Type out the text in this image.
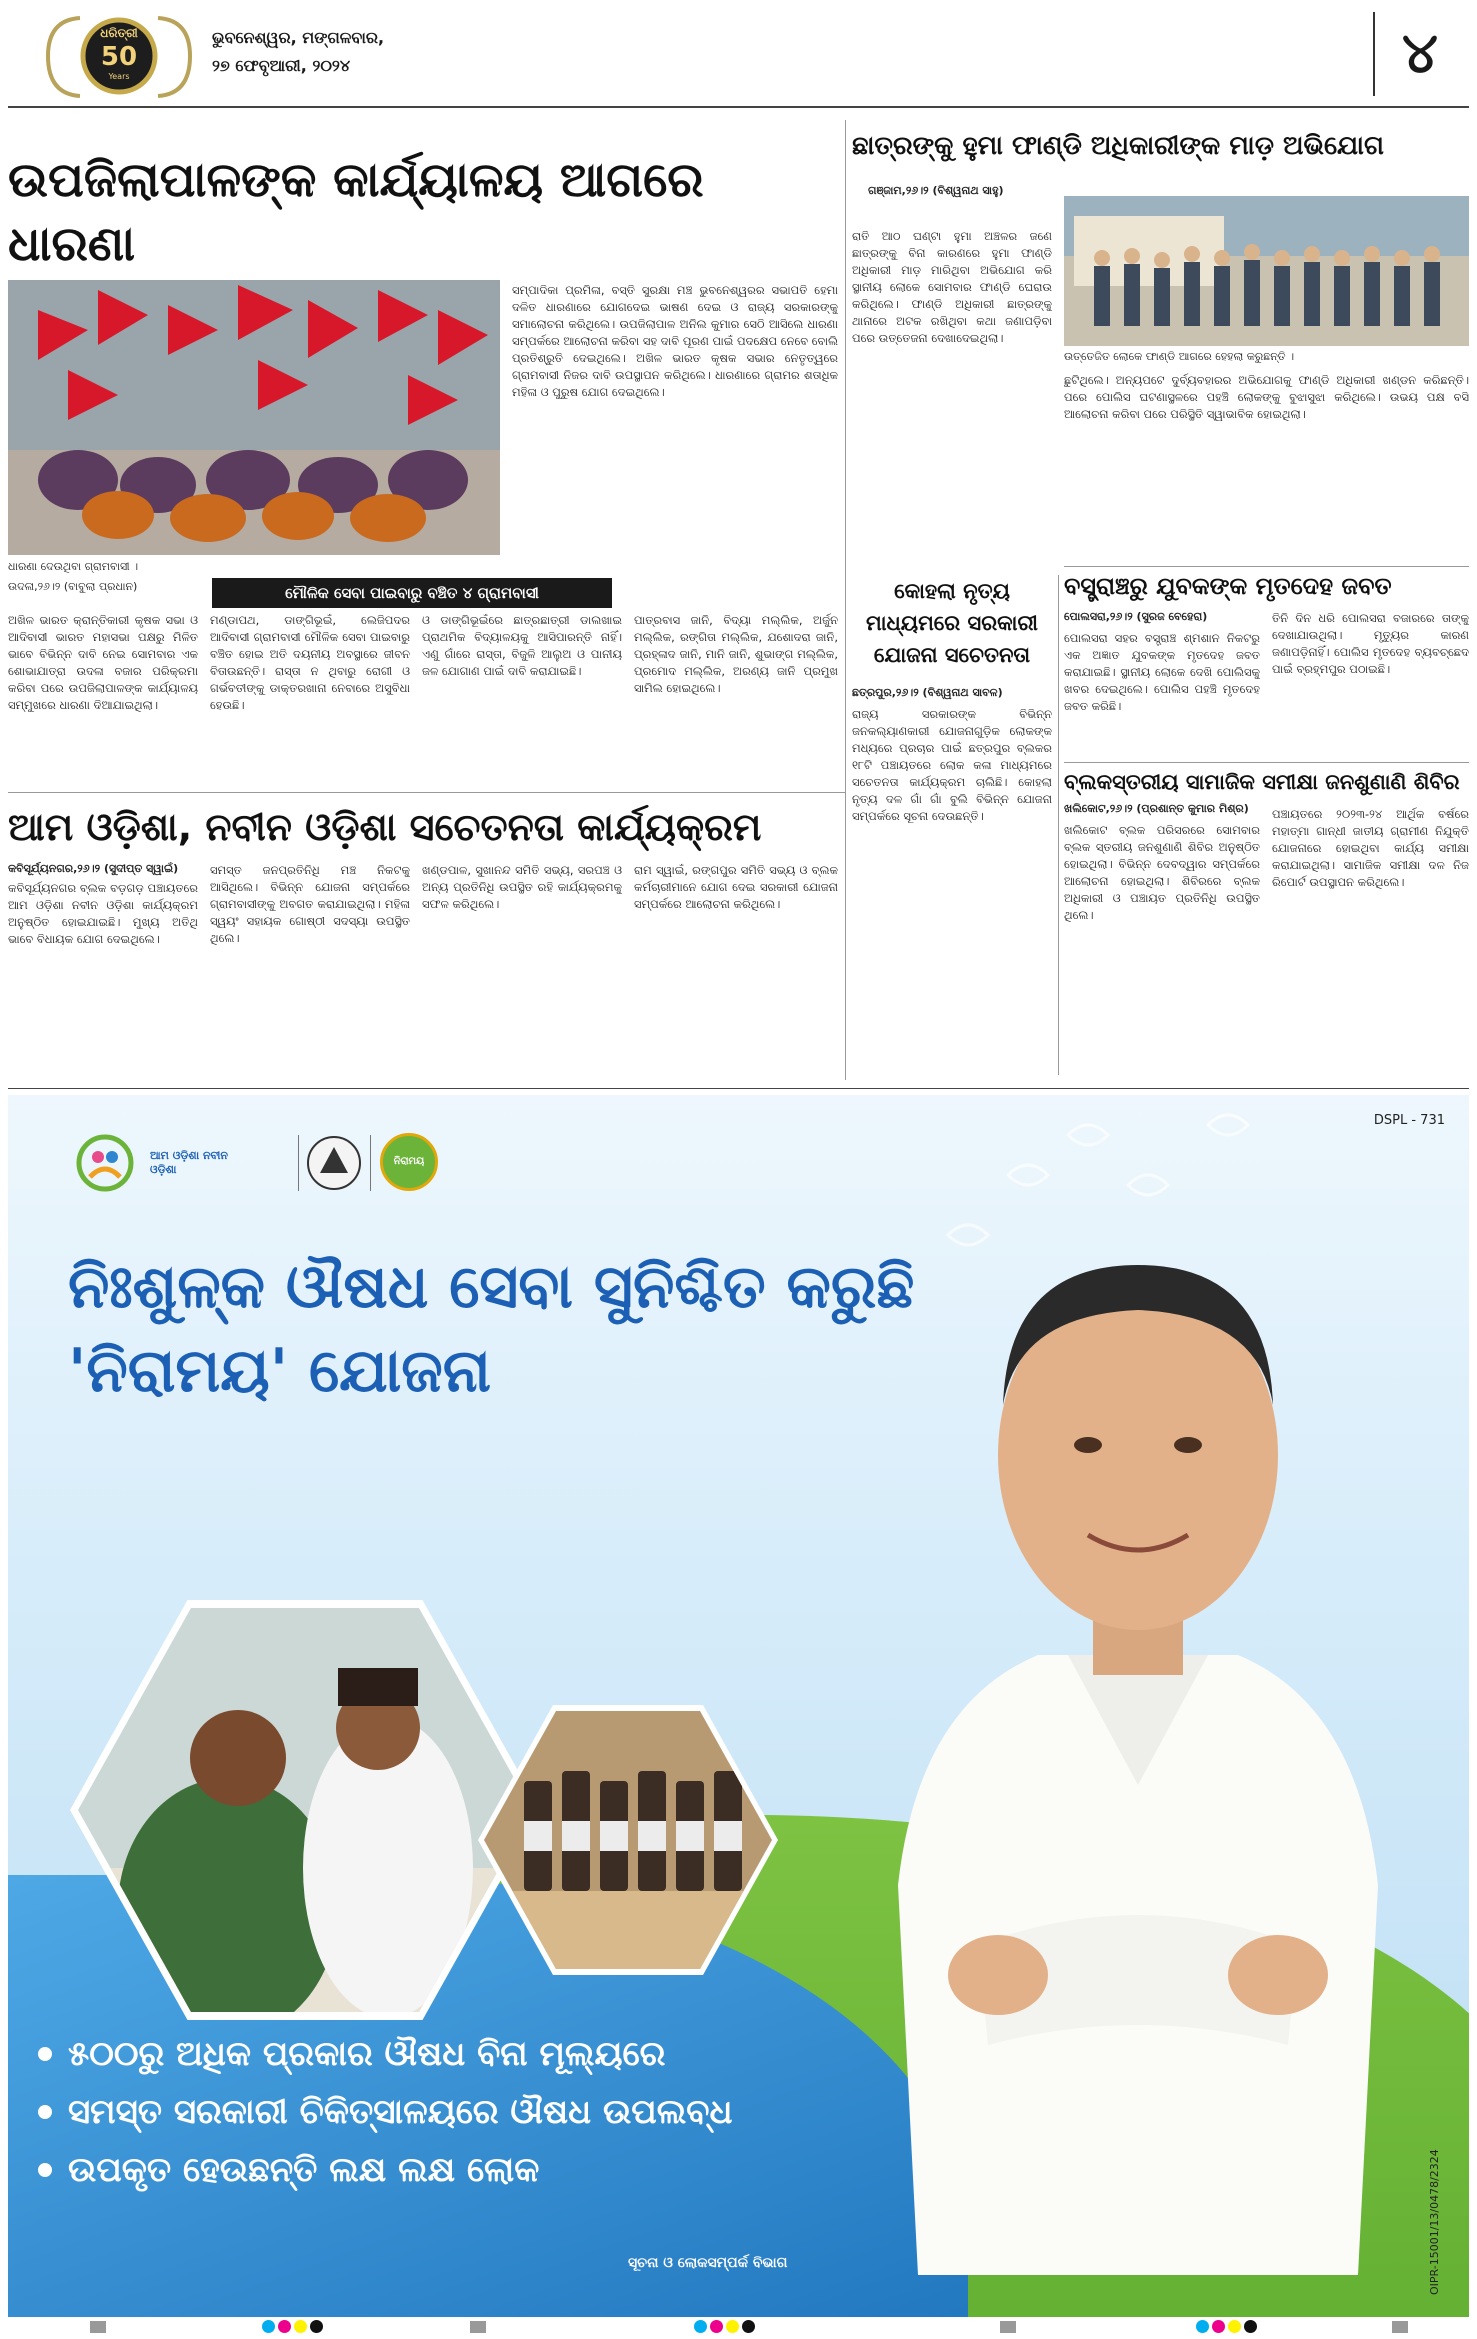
ଧରିତ୍ରୀ
50
Years
ଭୁବନେଶ୍ୱର, ମଙ୍ଗଳବାର,
୨୭ ଫେବୃଆରୀ, ୨୦୨୪	୪
ଉପଜିଲାପାଳଙ୍କ କାର୍ଯ୍ୟାଳୟ ଆଗରେ ଧାରଣା
ଧାରଣା ଦେଉଥିବା ଗ୍ରାମବାସୀ ।
ଉଦଳା,୨୬।୨ (ବାବୁଲା ପ୍ରଧାନ)	ମୌଳିକ ସେବା ପାଇବାରୁ ବଞ୍ଚିତ ୪ ଗ୍ରାମବାସୀ
ସମ୍ପାଦିକା ପ୍ରମିଳା, ବସ୍ତି ସୁରକ୍ଷା ମଞ୍ଚ ଭୁବନେଶ୍ୱରର ସଭାପତି ହେମା ଦଳିତ ଧାରଣାରେ ଯୋଗଦେଇ ଭାଷଣ ଦେଇ ଓ ରାଜ୍ୟ ସରକାରଙ୍କୁ ସମାଲୋଚନା କରିଥିଲେ। ଉପଜିଲାପାଳ ଅନିଲ କୁମାର ସେଠି ଆସିଲେ ଧାରଣା ସମ୍ପର୍କରେ ଆଲୋଚନା କରିବା ସହ ଦାବି ପୂରଣ ପାଇଁ ପଦକ୍ଷେପ ନେବେ ବୋଲି ପ୍ରତିଶ୍ରୁତି ଦେଇଥିଲେ। ଅଖିଳ ଭାରତ କୃଷକ ସଭାର ନେତୃତ୍ୱରେ ଗ୍ରାମବାସୀ ନିଜର ଦାବି ଉପସ୍ଥାପନ କରିଥିଲେ। ଧାରଣାରେ ଗ୍ରାମର ଶତାଧିକ ମହିଳା ଓ ପୁରୁଷ ଯୋଗ ଦେଇଥିଲେ।
ଅଖିଳ ଭାରତ କ୍ରାନ୍ତିକାରୀ କୃଷକ ସଭା ଓ ଆଦିବାସୀ ଭାରତ ମହାସଭା ପକ୍ଷରୁ ମିଳିତ ଭାବେ ବିଭିନ୍ନ ଦାବି ନେଇ ସୋମବାର ଏକ ଶୋଭାଯାତ୍ରା ଉଦଳା ବଜାର ପରିକ୍ରମା କରିବା ପରେ ଉପଜିଲାପାଳଙ୍କ କାର୍ଯ୍ୟାଳୟ ସମ୍ମୁଖରେ ଧାରଣା ଦିଆଯାଇଥିଲା।
ମଣ୍ଡାପଥ, ଡାଙ୍ଗିଭୂଇଁ, ଲେଜିପଦର ଆଦିବାସୀ ଗ୍ରାମବାସୀ ମୌଳିକ ସେବା ପାଇବାରୁ ବଞ୍ଚିତ ହୋଇ ଅତି ଦୟନୀୟ ଅବସ୍ଥାରେ ଜୀବନ ବିତାଉଛନ୍ତି। ରାସ୍ତା ନ ଥିବାରୁ ରୋଗୀ ଓ ଗର୍ଭବତୀଙ୍କୁ ଡାକ୍ତରଖାନା ନେବାରେ ଅସୁବିଧା ହେଉଛି।
ଓ ଡାଙ୍ଗିଭୂଇଁରେ ଛାତ୍ରଛାତ୍ରୀ ଡାଲଖାଇ ପ୍ରାଥମିକ ବିଦ୍ୟାଳୟକୁ ଆସିପାରନ୍ତି ନାହିଁ। ଏଣୁ ଗାଁରେ ରାସ୍ତା, ବିଜୁଳି ଆଲୁଅ ଓ ପାନୀୟ ଜଳ ଯୋଗାଣ ପାଇଁ ଦାବି କରାଯାଇଛି।
ପାତ୍ରବାସ ଜାନି, ବିଦ୍ୟା ମଲ୍ଲିକ, ଅର୍ଜୁନ ମଲ୍ଲିକ, ରଙ୍ଗିତା ମଲ୍ଲିକ, ଯଶୋଦରା ଜାନି, ପ୍ରହ୍ଳାଦ ଜାନି, ମାନି ଜାନି, ଶୁଭାଙ୍ଗ ମଲ୍ଲିକ, ପ୍ରମୋଦ ମଲ୍ଲିକ, ଅରଣ୍ୟ ଜାନି ପ୍ରମୁଖ ସାମିଲ ହୋଇଥିଲେ।
ଛାତ୍ରଙ୍କୁ ହୁମା ଫାଣ୍ଡି ଅଧିକାରୀଙ୍କ ମାଡ଼ ଅଭିଯୋଗ
ଗଞ୍ଜାମ,୨୬।୨ (ବିଶ୍ୱନାଥ ସାହୁ)
ରାତି ଆଠ ଘଣ୍ଟା ହୁମା ଅଞ୍ଚଳର ଜଣେ ଛାତ୍ରଙ୍କୁ ବିନା କାରଣରେ ହୁମା ଫାଣ୍ଡି ଅଧିକାରୀ ମାଡ଼ ମାରିଥିବା ଅଭିଯୋଗ କରି ସ୍ଥାନୀୟ ଲୋକେ ସୋମବାର ଫାଣ୍ଡି ଘେରାଉ କରିଥିଲେ। ଫାଣ୍ଡି ଅଧିକାରୀ ଛାତ୍ରଙ୍କୁ ଥାନାରେ ଅଟକ ରଖିଥିବା କଥା ଜଣାପଡ଼ିବା ପରେ ଉତ୍ତେଜନା ଦେଖାଦେଇଥିଲା।
ଉତ୍ତେଜିତ ଲୋକେ ଫାଣ୍ଡି ଆଗରେ ହେହଲା କରୁଛନ୍ତି ।
ଛୁଟିଥିଲେ। ଅନ୍ୟପଟେ ଦୁର୍ବ୍ୟବହାରର ଅଭିଯୋଗକୁ ଫାଣ୍ଡି ଅଧିକାରୀ ଖଣ୍ଡନ କରିଛନ୍ତି। ପରେ ପୋଲିସ ଘଟଣାସ୍ଥଳରେ ପହଞ୍ଚି ଲୋକଙ୍କୁ ବୁଝାସୁଝା କରିଥିଲେ। ଉଭୟ ପକ୍ଷ ବସି ଆଲୋଚନା କରିବା ପରେ ପରିସ୍ଥିତି ସ୍ୱାଭାବିକ ହୋଇଥିଲା।
କୋହଲା ନୃତ୍ୟ ମାଧ୍ୟମରେ ସରକାରୀ ଯୋଜନା ସଚେତନତା
ଛତ୍ରପୁର,୨୬।୨ (ବିଶ୍ୱନାଥ ସାବଳ)
ରାଜ୍ୟ ସରକାରଙ୍କ ବିଭିନ୍ନ ଜନକଲ୍ୟାଣକାରୀ ଯୋଜନାଗୁଡ଼ିକ ଲୋକଙ୍କ ମଧ୍ୟରେ ପ୍ରଚାର ପାଇଁ ଛତ୍ରପୁର ବ୍ଲକର ୧୮ଟି ପଞ୍ଚାୟତରେ ଲୋକ କଳା ମାଧ୍ୟମରେ ସଚେତନତା କାର୍ଯ୍ୟକ୍ରମ ଚାଲିଛି। କୋହଲା ନୃତ୍ୟ ଦଳ ଗାଁ ଗାଁ ବୁଲି ବିଭିନ୍ନ ଯୋଜନା ସମ୍ପର୍କରେ ସୂଚନା ଦେଉଛନ୍ତି।
ବସ୍ତ୍ରାଞ୍ଚରୁ ଯୁବକଙ୍କ ମୃତଦେହ ଜବତ
ପୋଲସରା,୨୬।୨ (ସୁରଜ ବେହେରା)
ପୋଲସରା ସହର ବସ୍ତ୍ରାଞ୍ଚ ଶ୍ମଶାନ ନିକଟରୁ ଏକ ଅଜ୍ଞାତ ଯୁବକଙ୍କ ମୃତଦେହ ଜବତ କରାଯାଇଛି। ସ୍ଥାନୀୟ ଲୋକେ ଦେଖି ପୋଲିସକୁ ଖବର ଦେଇଥିଲେ। ପୋଲିସ ପହଞ୍ଚି ମୃତଦେହ ଜବତ କରିଛି।
ତିନି ଦିନ ଧରି ପୋଲସରା ବଜାରରେ ତାଙ୍କୁ ଦେଖାଯାଉଥିଲା। ମୃତ୍ୟୁର କାରଣ ଜଣାପଡ଼ିନାହିଁ। ପୋଲିସ ମୃତଦେହ ବ୍ୟବଚ୍ଛେଦ ପାଇଁ ବ୍ରହ୍ମପୁର ପଠାଇଛି।
ବ୍ଲକସ୍ତରୀୟ ସାମାଜିକ ସମୀକ୍ଷା ଜନଶୁଣାଣି ଶିବିର
ଖଲିକୋଟ,୨୬।୨ (ପ୍ରଶାନ୍ତ କୁମାର ମିଶ୍ର)
ଖଲିକୋଟ ବ୍ଲକ ପରିସରରେ ସୋମବାର ବ୍ଲକ ସ୍ତରୀୟ ଜନଶୁଣାଣି ଶିବିର ଅନୁଷ୍ଠିତ ହୋଇଥିଲା। ବିଭିନ୍ନ ଦେବଦ୍ୱାର ସମ୍ପର୍କରେ ଆଲୋଚନା ହୋଇଥିଲା। ଶିବିରରେ ବ୍ଲକ ଅଧିକାରୀ ଓ ପଞ୍ଚାୟତ ପ୍ରତିନିଧି ଉପସ୍ଥିତ ଥିଲେ।
ପଞ୍ଚାୟତରେ ୨୦୨୩-୨୪ ଆର୍ଥିକ ବର୍ଷରେ ମହାତ୍ମା ଗାନ୍ଧୀ ଜାତୀୟ ଗ୍ରାମୀଣ ନିଯୁକ୍ତି ଯୋଜନାରେ ହୋଇଥିବା କାର୍ଯ୍ୟ ସମୀକ୍ଷା କରାଯାଇଥିଲା। ସାମାଜିକ ସମୀକ୍ଷା ଦଳ ନିଜ ରିପୋର୍ଟ ଉପସ୍ଥାପନ କରିଥିଲେ।
ଆମ ଓଡ଼ିଶା, ନବୀନ ଓଡ଼ିଶା ସଚେତନତା କାର୍ଯ୍ୟକ୍ରମ
କବିସୂର୍ଯ୍ୟନଗର,୨୬।୨ (ସୁଦୀପ୍ତ ସ୍ୱାଇଁ)
କବିସୂର୍ଯ୍ୟନଗର ବ୍ଲକ ବଡ଼ଗଡ଼ ପଞ୍ଚାୟତରେ ଆମ ଓଡ଼ିଶା ନବୀନ ଓଡ଼ିଶା କାର୍ଯ୍ୟକ୍ରମ ଅନୁଷ୍ଠିତ ହୋଇଯାଇଛି। ମୁଖ୍ୟ ଅତିଥି ଭାବେ ବିଧାୟକ ଯୋଗ ଦେଇଥିଲେ।
ସମସ୍ତ ଜନପ୍ରତିନିଧି ମଞ୍ଚ ନିକଟକୁ ଆସିଥିଲେ। ବିଭିନ୍ନ ଯୋଜନା ସମ୍ପର୍କରେ ଗ୍ରାମବାସୀଙ୍କୁ ଅବଗତ କରାଯାଇଥିଲା। ମହିଳା ସ୍ୱୟଂ ସହାୟକ ଗୋଷ୍ଠୀ ସଦସ୍ୟା ଉପସ୍ଥିତ ଥିଲେ।
ଖଣ୍ଡପାଳ, ସୁଖାନନ୍ଦ ସମିତି ସଭ୍ୟ, ସରପଞ୍ଚ ଓ ଅନ୍ୟ ପ୍ରତିନିଧି ଉପସ୍ଥିତ ରହି କାର୍ଯ୍ୟକ୍ରମକୁ ସଫଳ କରିଥିଲେ।
ରାମ ସ୍ୱାଇଁ, ରଙ୍ଗପୁର ସମିତି ସଭ୍ୟ ଓ ବ୍ଲକ କର୍ମଚାରୀମାନେ ଯୋଗ ଦେଇ ସରକାରୀ ଯୋଜନା ସମ୍ପର୍କରେ ଆଲୋଚନା କରିଥିଲେ।
ଆମ ଓଡ଼ିଶା ନବୀନ ଓଡ଼ିଶା
ନିରାମୟ
DSPL - 731
ନିଃଶୁଳ୍କ ଔଷଧ ସେବା ସୁନିଶ୍ଚିତ କରୁଛି
'ନିରାମୟ' ଯୋଜନା
୫୦୦ରୁ ଅଧିକ ପ୍ରକାର ଔଷଧ ବିନା ମୂଲ୍ୟରେ
ସମସ୍ତ ସରକାରୀ ଚିକିତ୍ସାଳୟରେ ଔଷଧ ଉପଲବ୍ଧ
ଉପକୃତ ହେଉଛନ୍ତି ଲକ୍ଷ ଲକ୍ଷ ଲୋକ
ସୂଚନା ଓ ଲୋକସମ୍ପର୍କ ବିଭାଗ	OIPR-15001/13/0478/2324
